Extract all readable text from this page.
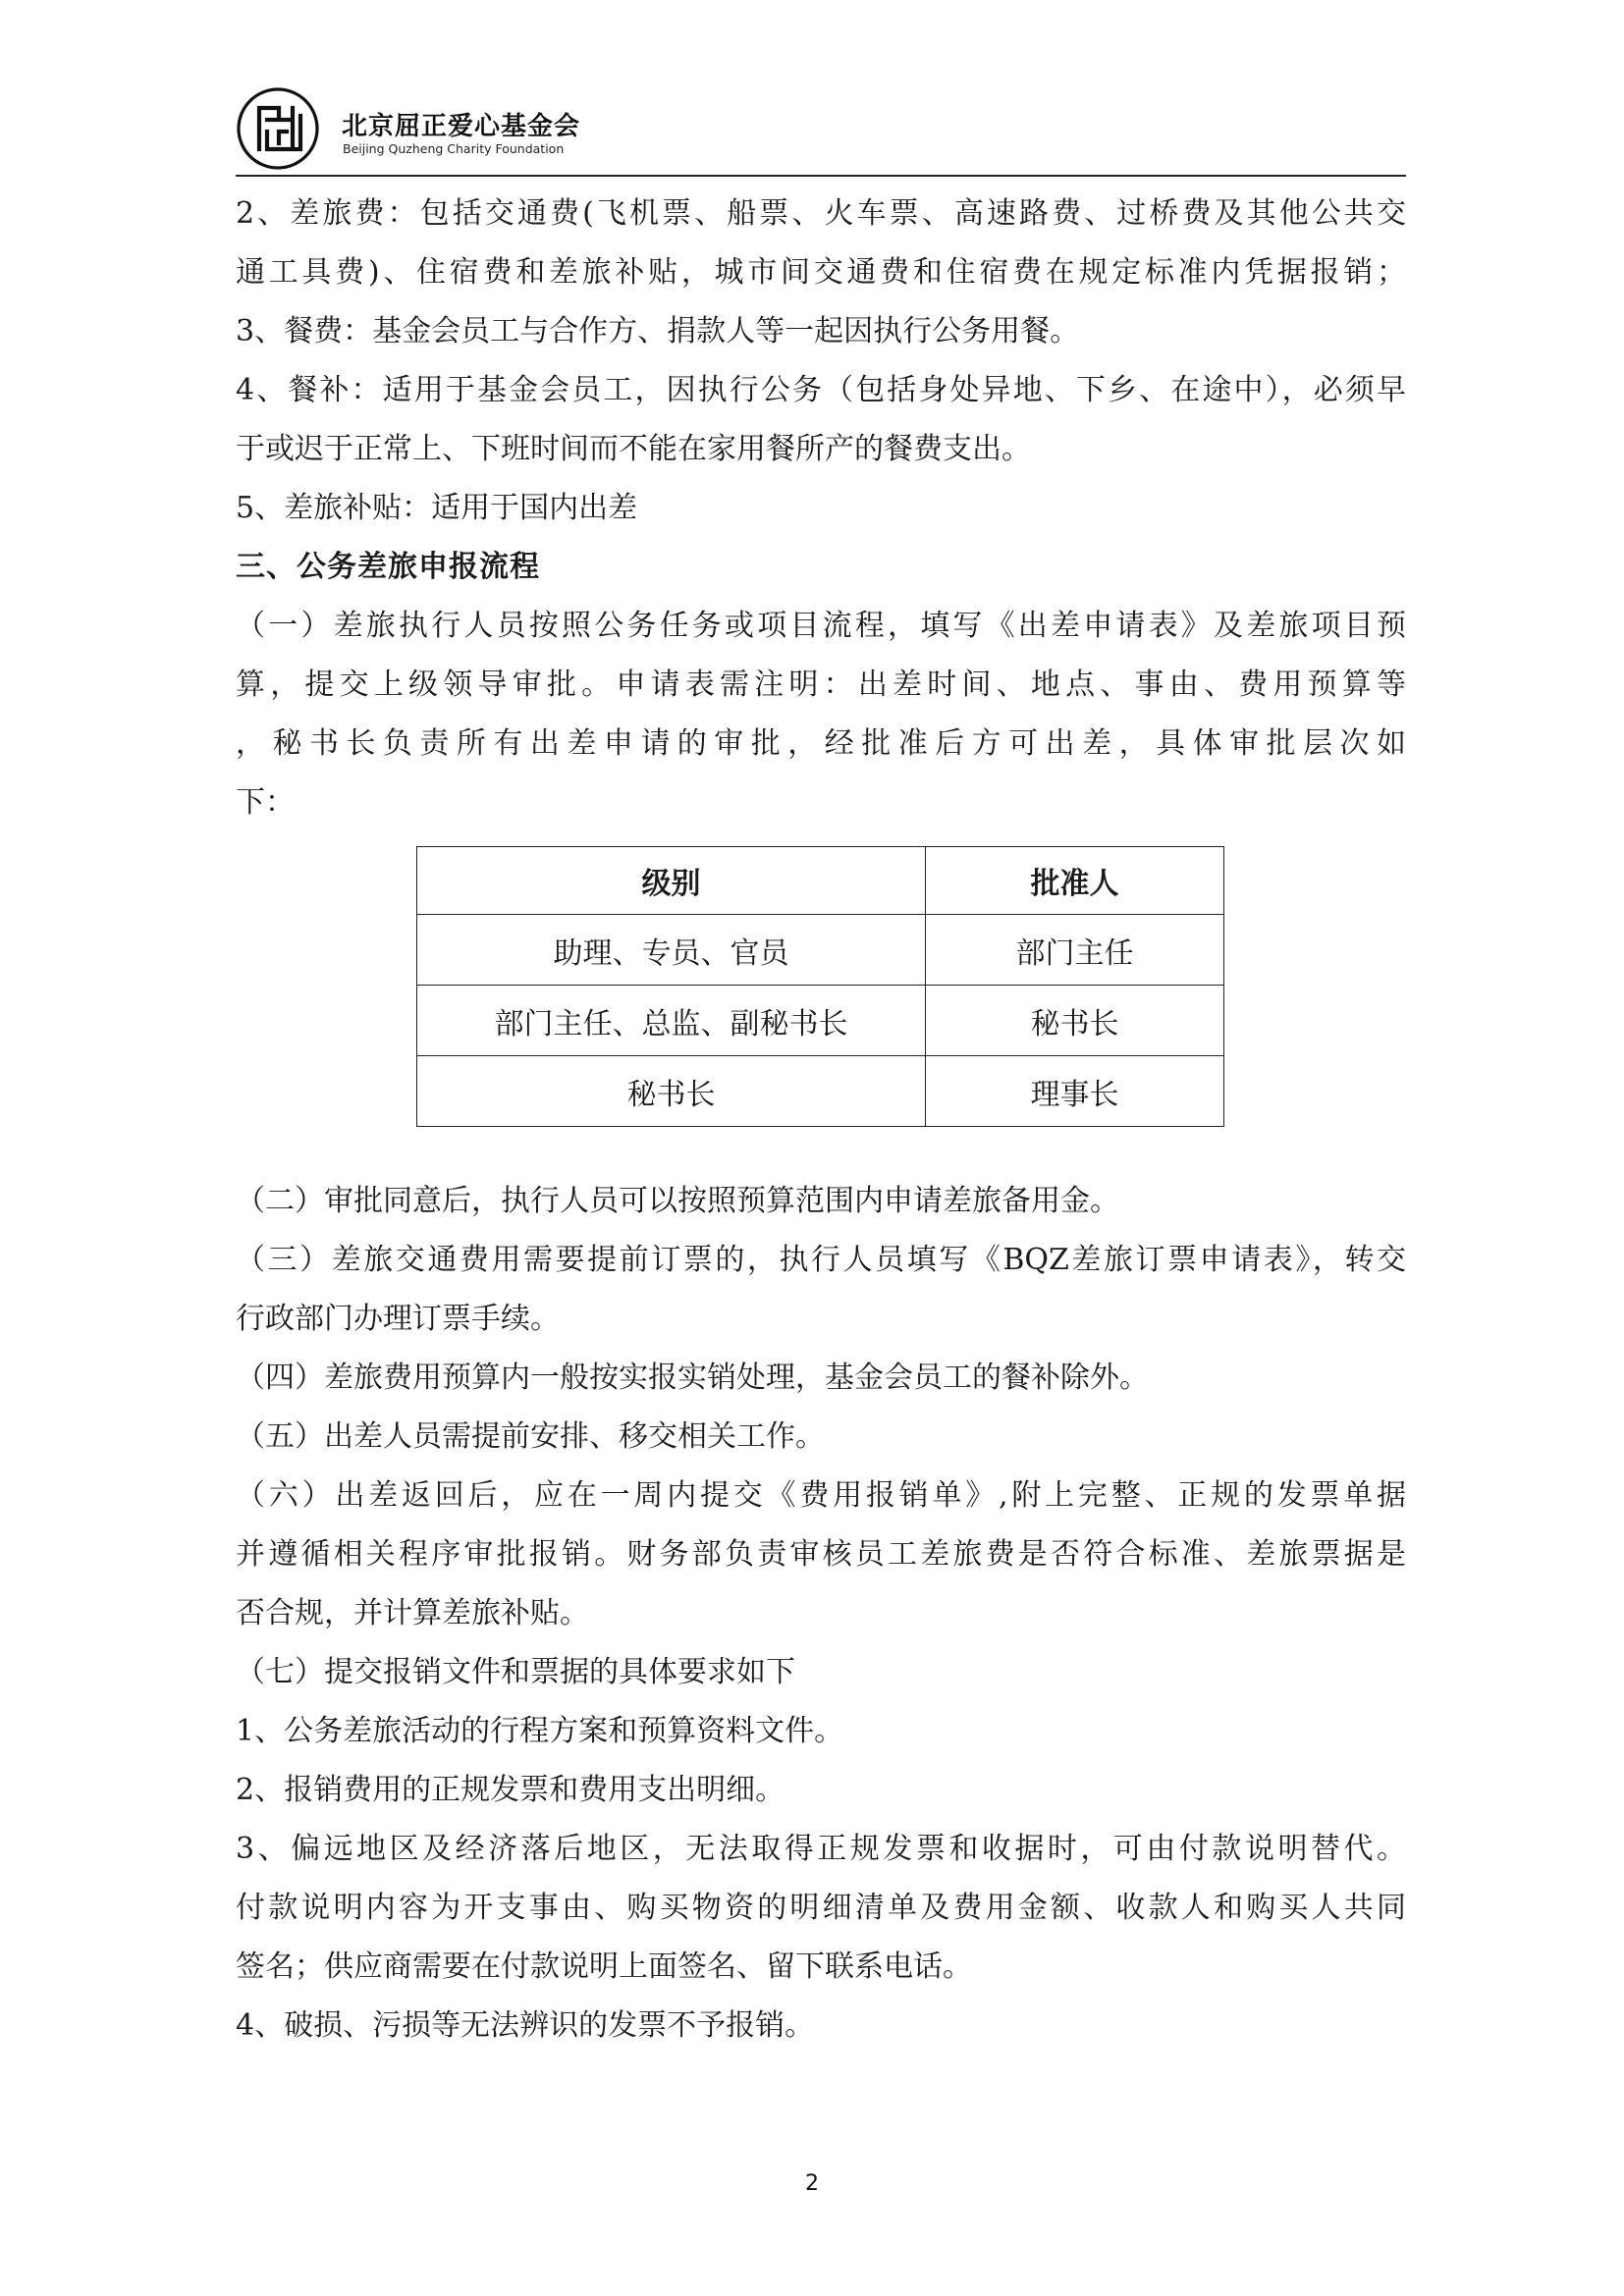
北京屈正爱心基金会
Beijing Quzheng Charity Foundation

2、差旅费：包括交通费(飞机票、船票、火车票、高速路费、过桥费及其他公共交

通工具费)、住宿费和差旅补贴，城市间交通费和住宿费在规定标准内凭据报销；

3、餐费：基金会员工与合作方、捐款人等一起因执行公务用餐。

4、餐补：适用于基金会员工，因执行公务（包括身处异地、下乡、在途中），必须早

于或迟于正常上、下班时间而不能在家用餐所产的餐费支出。

5、差旅补贴：适用于国内出差

三、公务差旅申报流程

（一）差旅执行人员按照公务任务或项目流程，填写《出差申请表》及差旅项目预

算，提交上级领导审批。申请表需注明：出差时间、地点、事由、费用预算等

，秘书长负责所有出差申请的审批，经批准后方可出差，具体审批层次如

下：

级别	批准人
助理、专员、官员	部门主任
部门主任、总监、副秘书长	秘书长
秘书长	理事长

（二）审批同意后，执行人员可以按照预算范围内申请差旅备用金。

（三）差旅交通费用需要提前订票的，执行人员填写《BQZ差旅订票申请表》，转交

行政部门办理订票手续。

（四）差旅费用预算内一般按实报实销处理，基金会员工的餐补除外。

（五）出差人员需提前安排、移交相关工作。

（六）出差返回后，应在一周内提交《费用报销单》,附上完整、正规的发票单据

并遵循相关程序审批报销。财务部负责审核员工差旅费是否符合标准、差旅票据是

否合规，并计算差旅补贴。

（七）提交报销文件和票据的具体要求如下

1、公务差旅活动的行程方案和预算资料文件。

2、报销费用的正规发票和费用支出明细。

3、偏远地区及经济落后地区，无法取得正规发票和收据时，可由付款说明替代。

付款说明内容为开支事由、购买物资的明细清单及费用金额、收款人和购买人共同

签名；供应商需要在付款说明上面签名、留下联系电话。

4、破损、污损等无法辨识的发票不予报销。

2
